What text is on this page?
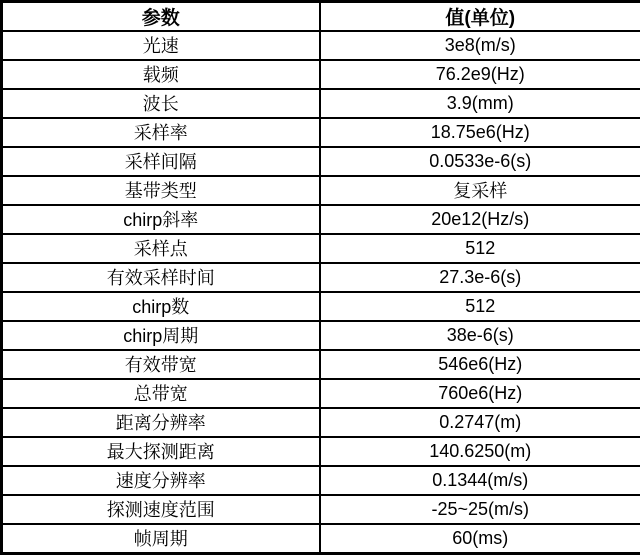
参数	值(单位)
光速	3e8(m/s)
载频	76.2e9(Hz)
波长	3.9(mm)
采样率	18.75e6(Hz)
采样间隔	0.0533e-6(s)
基带类型	复采样
chirp斜率	20e12(Hz/s)
采样点	512
有效采样时间	27.3e-6(s)
chirp数	512
chirp周期	38e-6(s)
有效带宽	546e6(Hz)
总带宽	760e6(Hz)
距离分辨率	0.2747(m)
最大探测距离	140.6250(m)
速度分辨率	0.1344(m/s)
探测速度范围	-25~25(m/s)
帧周期	60(ms)
